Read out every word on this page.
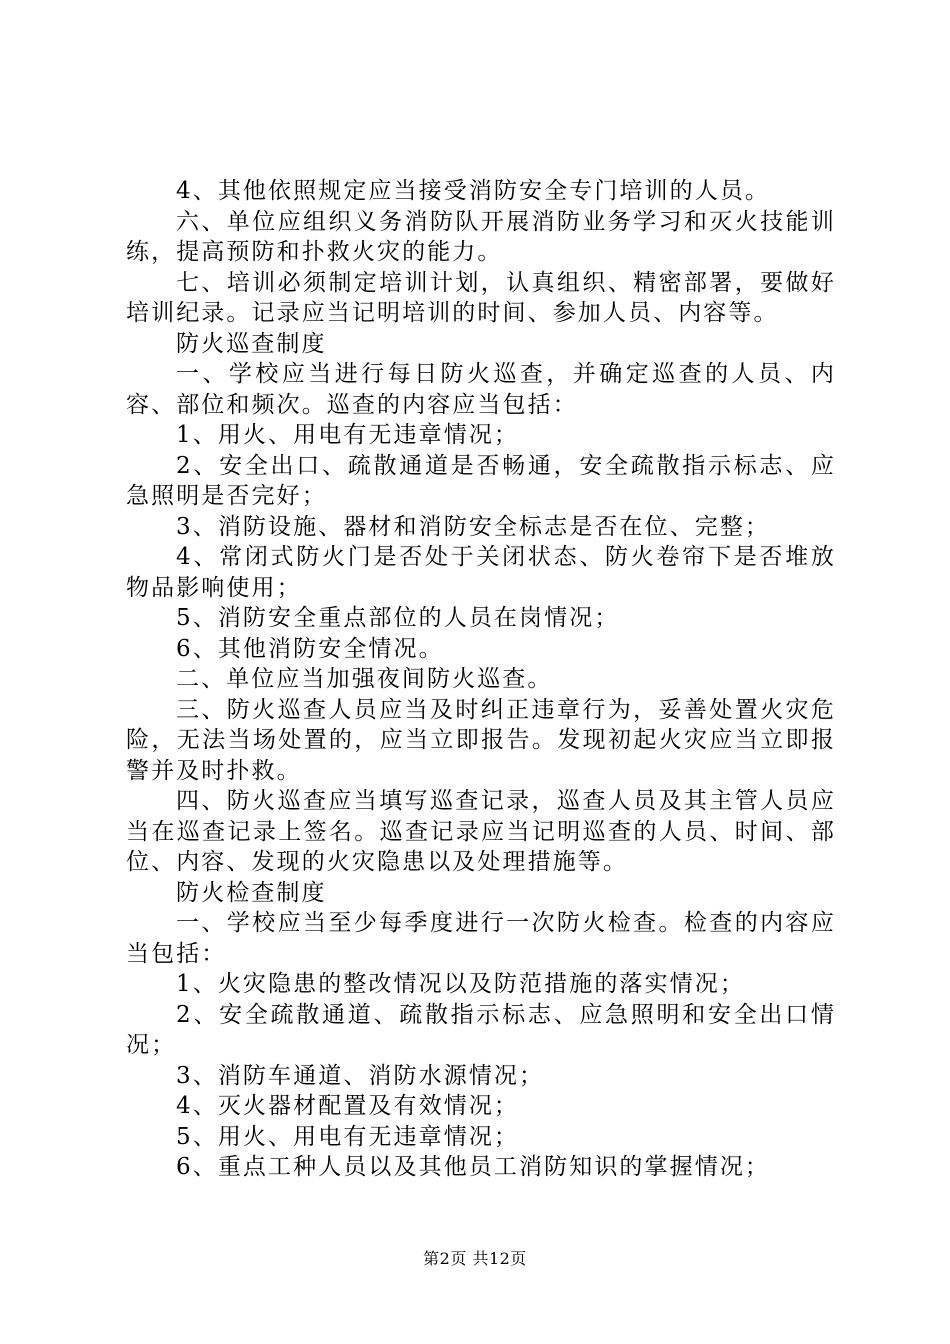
4、其他依照规定应当接受消防安全专门培训的人员。

六、单位应组织义务消防队开展消防业务学习和灭火技能训练，提高预防和扑救火灾的能力。

七、培训必须制定培训计划，认真组织、精密部署，要做好培训纪录。记录应当记明培训的时间、参加人员、内容等。

防火巡查制度

一、学校应当进行每日防火巡查，并确定巡查的人员、内容、部位和频次。巡查的内容应当包括：

1、用火、用电有无违章情况；

2、安全出口、疏散通道是否畅通，安全疏散指示标志、应急照明是否完好；

3、消防设施、器材和消防安全标志是否在位、完整；

4、常闭式防火门是否处于关闭状态、防火卷帘下是否堆放物品影响使用；

5、消防安全重点部位的人员在岗情况；

6、其他消防安全情况。

二、单位应当加强夜间防火巡查。

三、防火巡查人员应当及时纠正违章行为，妥善处置火灾危险，无法当场处置的，应当立即报告。发现初起火灾应当立即报警并及时扑救。

四、防火巡查应当填写巡查记录，巡查人员及其主管人员应当在巡查记录上签名。巡查记录应当记明巡查的人员、时间、部位、内容、发现的火灾隐患以及处理措施等。

防火检查制度

一、学校应当至少每季度进行一次防火检查。检查的内容应当包括：

1、火灾隐患的整改情况以及防范措施的落实情况；

2、安全疏散通道、疏散指示标志、应急照明和安全出口情况；

3、消防车通道、消防水源情况；

4、灭火器材配置及有效情况；

5、用火、用电有无违章情况；

6、重点工种人员以及其他员工消防知识的掌握情况；

第2页 共12页
